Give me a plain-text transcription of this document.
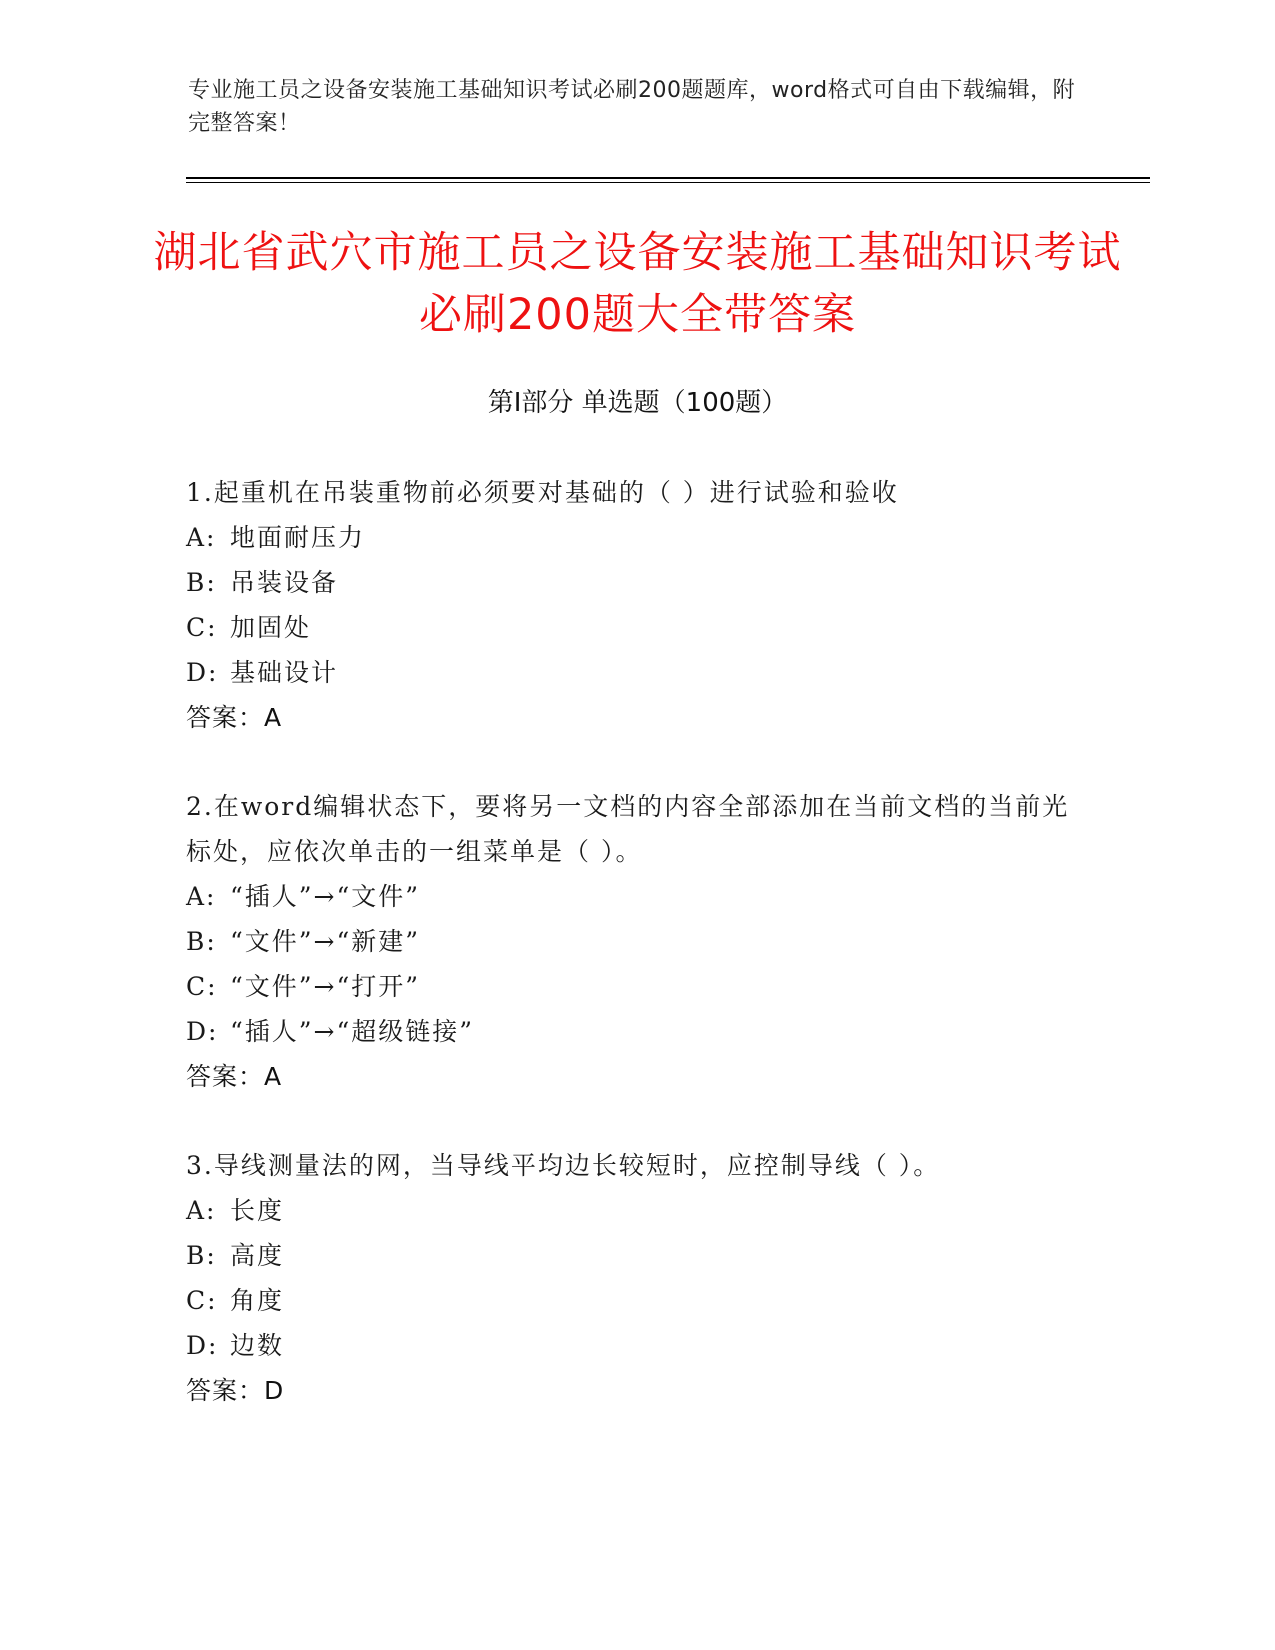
专业施工员之设备安装施工基础知识考试必刷200题题库，word格式可自由下载编辑，附完整答案！
湖北省武穴市施工员之设备安装施工基础知识考试必刷200题大全带答案
第Ⅰ部分 单选题（100题）

1.起重机在吊装重物前必须要对基础的（ ）进行试验和验收

A: 地面耐压力

B: 吊装设备

C: 加固处

D: 基础设计

答案：A

2.在word编辑状态下，要将另一文档的内容全部添加在当前文档的当前光标处，应依次单击的一组菜单是（ ）。

A: “插人”→“文件”

B: “文件”→“新建”

C: “文件”→“打开”

D: “插人”→“超级链接”

答案：A

3.导线测量法的网，当导线平均边长较短时，应控制导线（ ）。

A: 长度

B: 高度

C: 角度

D: 边数

答案：D
